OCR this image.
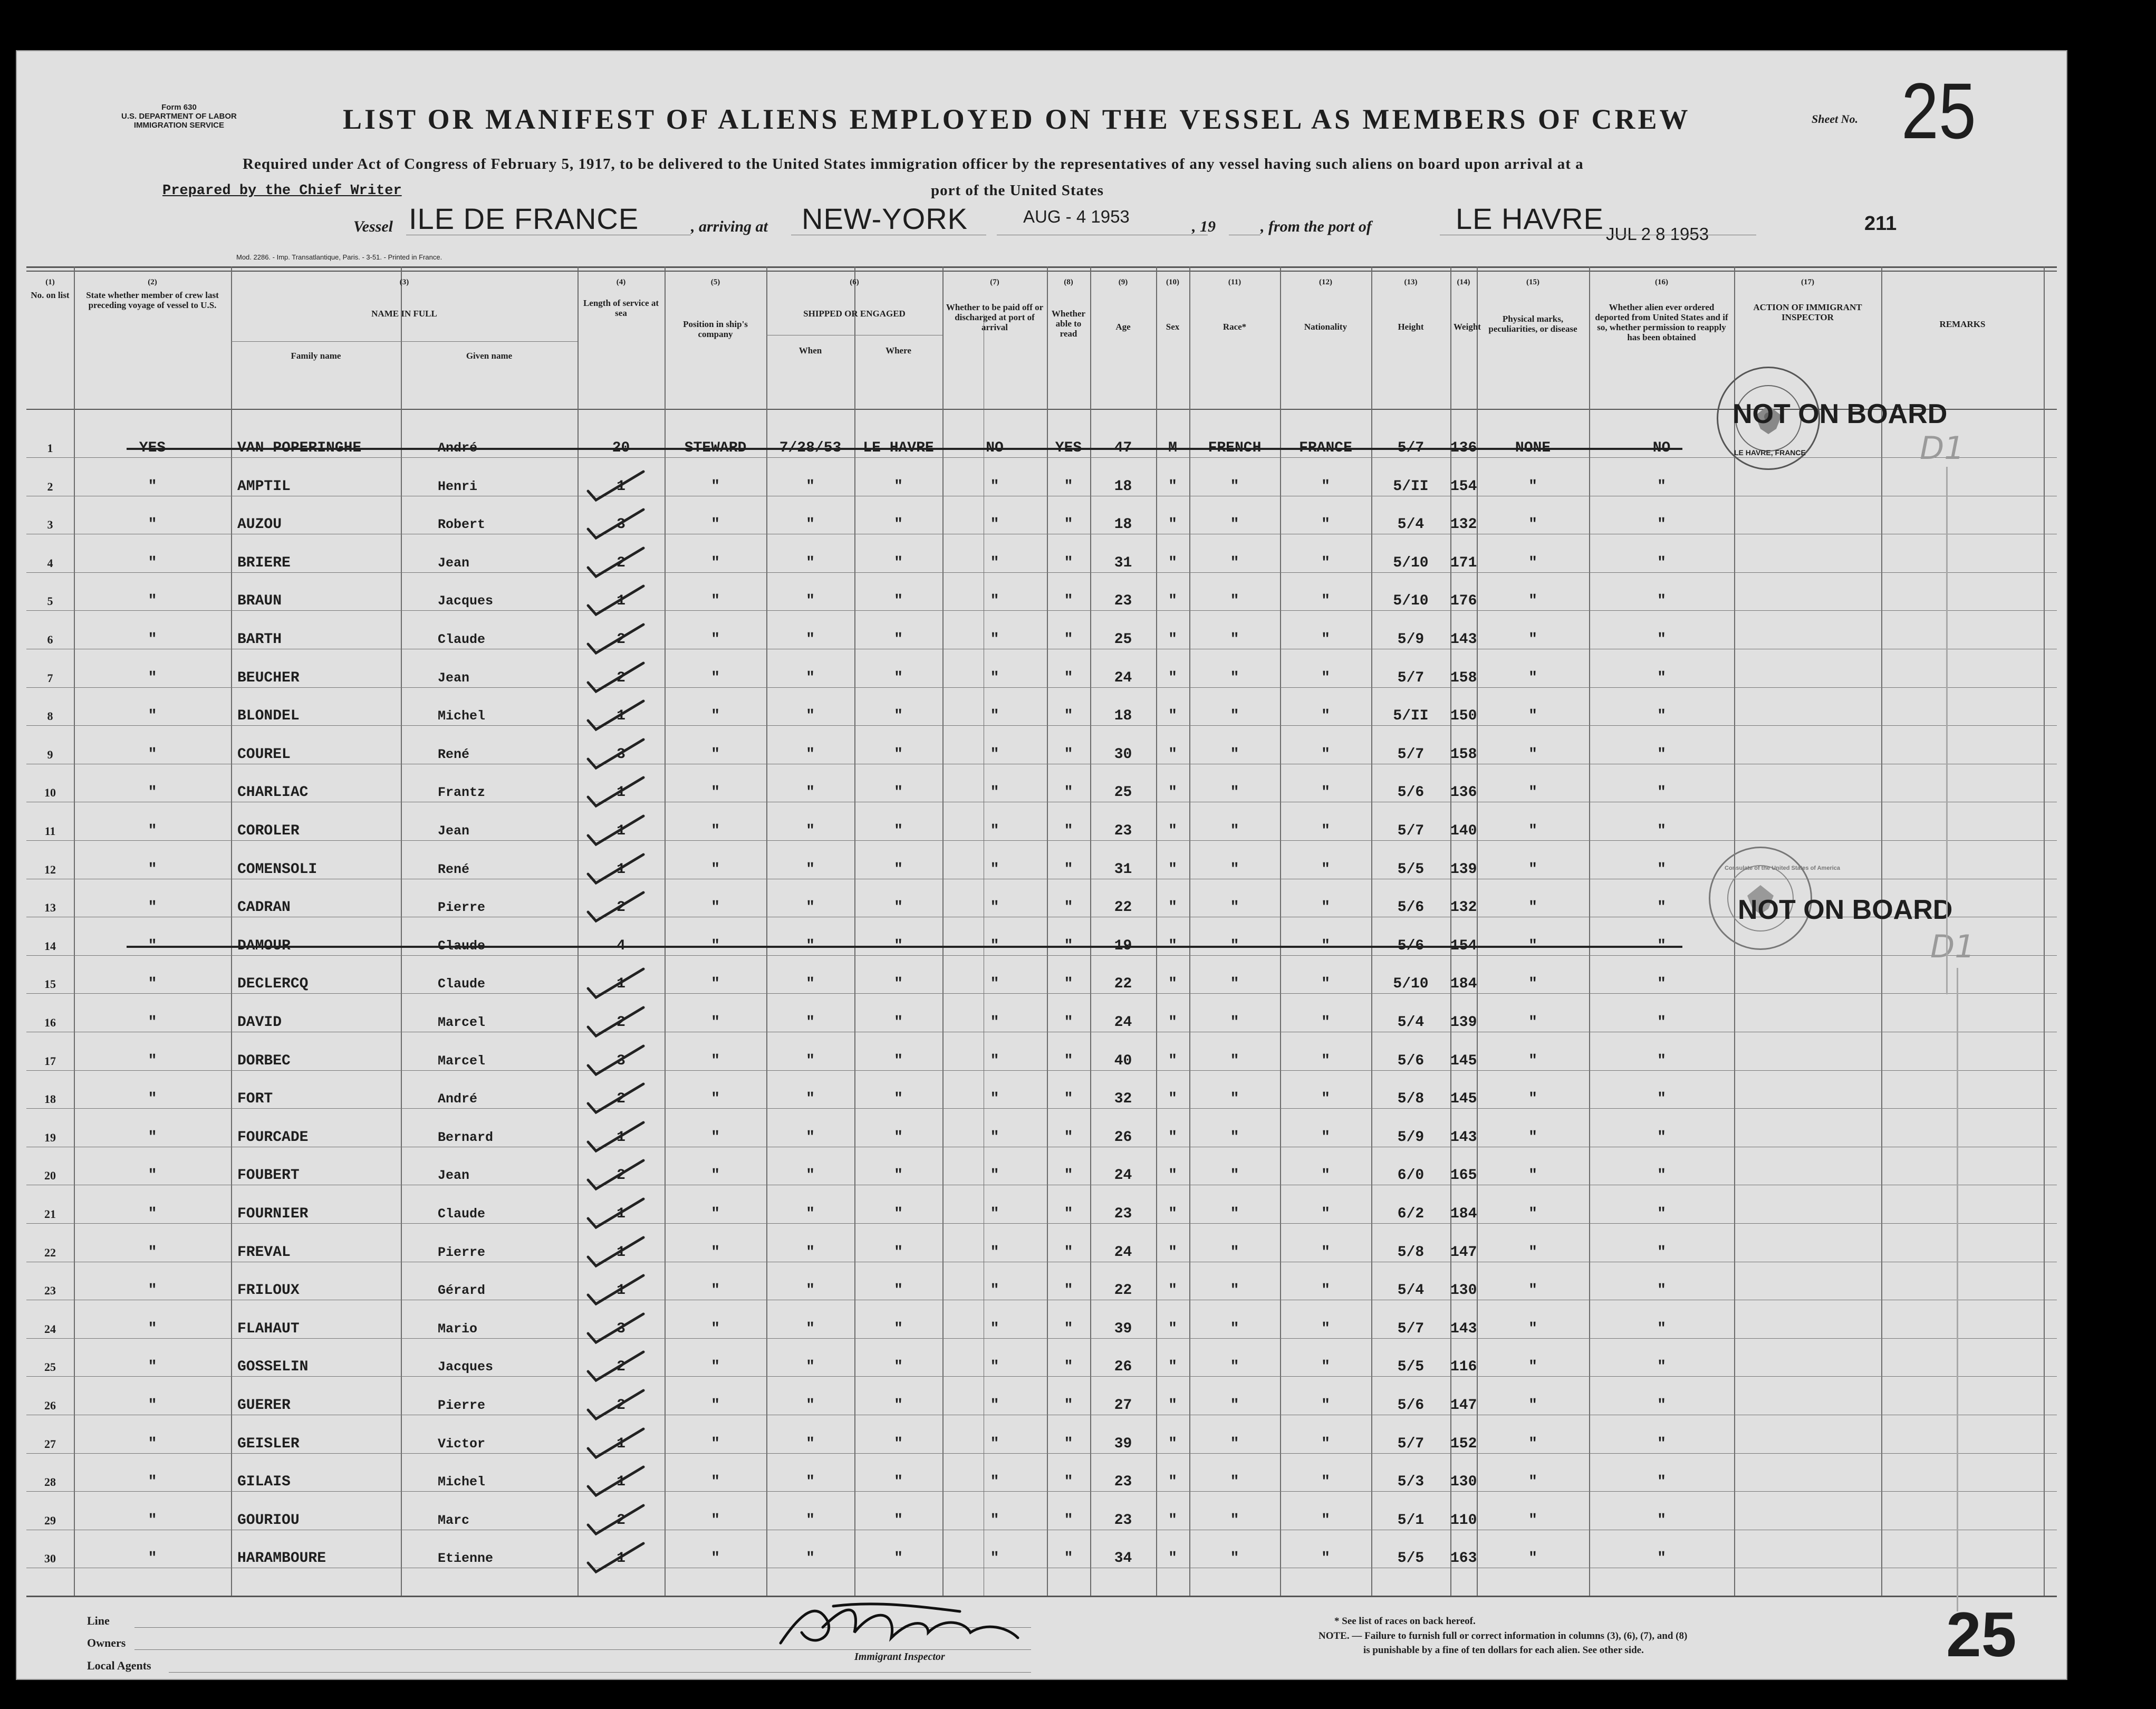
Form 630
U.S. DEPARTMENT OF LABOR
IMMIGRATION SERVICE	LIST OR MANIFEST OF ALIENS EMPLOYED ON THE VESSEL AS MEMBERS OF CREW	Sheet No. 25
Required under Act of Congress of February 5, 1917, to be delivered to the United States immigration officer by the representatives of any vessel having such aliens on board upon arrival at a
Prepared by the Chief Writer	port of the United States
Vessel ILE DE FRANCE	, arriving at NEW-YORK	AUG - 4 1953
, 19	, from the port of	LE HAVRE JUL 2 8 1953	211
Mod. 2286. - Imp. Transatlantique, Paris. - 3-51. - Printed in France.
(1)	(2)	(3)	(4)	(5)	(6)	(7)	(8)	(9)	(10)	(11)	(12)	(13)	(14)	(15)	(16)	(17)
No. on list	State whether member of crew last preceding voyage of vessel to U.S.
NAME IN FULL
Family name	Given name
Length of service at sea
Position in ship's company
SHIPPED OR ENGAGED
When	Where
Whether to be paid off or discharged at port of arrival
Whether able to read
Age	Sex	Race*	Nationality	Height	Weight
Physical marks, peculiarities, or disease
Whether alien ever ordered deported from United States and if so, whether permission to reapply has been obtained
ACTION OF IMMIGRANT INSPECTOR
REMARKS
1	YES	VAN POPERINGHE	André	20	STEWARD	7/28/53	LE HAVRE	NO	YES	47	M	FRENCH	FRANCE	5/7	136	NONE	NO
2	"	AMPTIL	Henri	1	"	"	"	"	"	18	"	"	"	5/II	154	"	"
3	"	AUZOU	Robert	3	"	"	"	"	"	18	"	"	"	5/4	132	"	"
4	"	BRIERE	Jean	2	"	"	"	"	"	31	"	"	"	5/10	171	"	"
5	"	BRAUN	Jacques	1	"	"	"	"	"	23	"	"	"	5/10	176	"	"
6	"	BARTH	Claude	2	"	"	"	"	"	25	"	"	"	5/9	143	"	"
7	"	BEUCHER	Jean	2	"	"	"	"	"	24	"	"	"	5/7	158	"	"
8	"	BLONDEL	Michel	1	"	"	"	"	"	18	"	"	"	5/II	150	"	"
9	"	COUREL	René	3	"	"	"	"	"	30	"	"	"	5/7	158	"	"
10	"	CHARLIAC	Frantz	1	"	"	"	"	"	25	"	"	"	5/6	136	"	"
11	"	COROLER	Jean	1	"	"	"	"	"	23	"	"	"	5/7	140	"	"
12	"	COMENSOLI	René	1	"	"	"	"	"	31	"	"	"	5/5	139	"	"
13	"	CADRAN	Pierre	2	"	"	"	"	"	22	"	"	"	5/6	132	"	"
14	"	DAMOUR	Claude	4	"	"	"	"	"	19	"	"	"	5/6	154	"	"
15	"	DECLERCQ	Claude	1	"	"	"	"	"	22	"	"	"	5/10	184	"	"
16	"	DAVID	Marcel	2	"	"	"	"	"	24	"	"	"	5/4	139	"	"
17	"	DORBEC	Marcel	3	"	"	"	"	"	40	"	"	"	5/6	145	"	"
18	"	FORT	André	2	"	"	"	"	"	32	"	"	"	5/8	145	"	"
19	"	FOURCADE	Bernard	1	"	"	"	"	"	26	"	"	"	5/9	143	"	"
20	"	FOUBERT	Jean	2	"	"	"	"	"	24	"	"	"	6/0	165	"	"
21	"	FOURNIER	Claude	1	"	"	"	"	"	23	"	"	"	6/2	184	"	"
22	"	FREVAL	Pierre	1	"	"	"	"	"	24	"	"	"	5/8	147	"	"
23	"	FRILOUX	Gérard	1	"	"	"	"	"	22	"	"	"	5/4	130	"	"
24	"	FLAHAUT	Mario	3	"	"	"	"	"	39	"	"	"	5/7	143	"	"
25	"	GOSSELIN	Jacques	2	"	"	"	"	"	26	"	"	"	5/5	116	"	"
26	"	GUERER	Pierre	2	"	"	"	"	"	27	"	"	"	5/6	147	"	"
27	"	GEISLER	Victor	1	"	"	"	"	"	39	"	"	"	5/7	152	"	"
28	"	GILAIS	Michel	1	"	"	"	"	"	23	"	"	"	5/3	130	"	"
29	"	GOURIOU	Marc	2	"	"	"	"	"	23	"	"	"	5/1	110	"	"
30	"	HARAMBOURE	Etienne	1	"	"	"	"	"	34	"	"	"	5/5	163	"	"
LE HAVRE, FRANCE
NOT ON BOARD
D1
Consulate of the United States of America
NOT ON BOARD
D1
Line
Owners
Local Agents
Immigrant Inspector
* See list of races on back hereof.
NOTE. — Failure to furnish full or correct information in columns (3), (6), (7), and (8)
is punishable by a fine of ten dollars for each alien. See other side.	25
